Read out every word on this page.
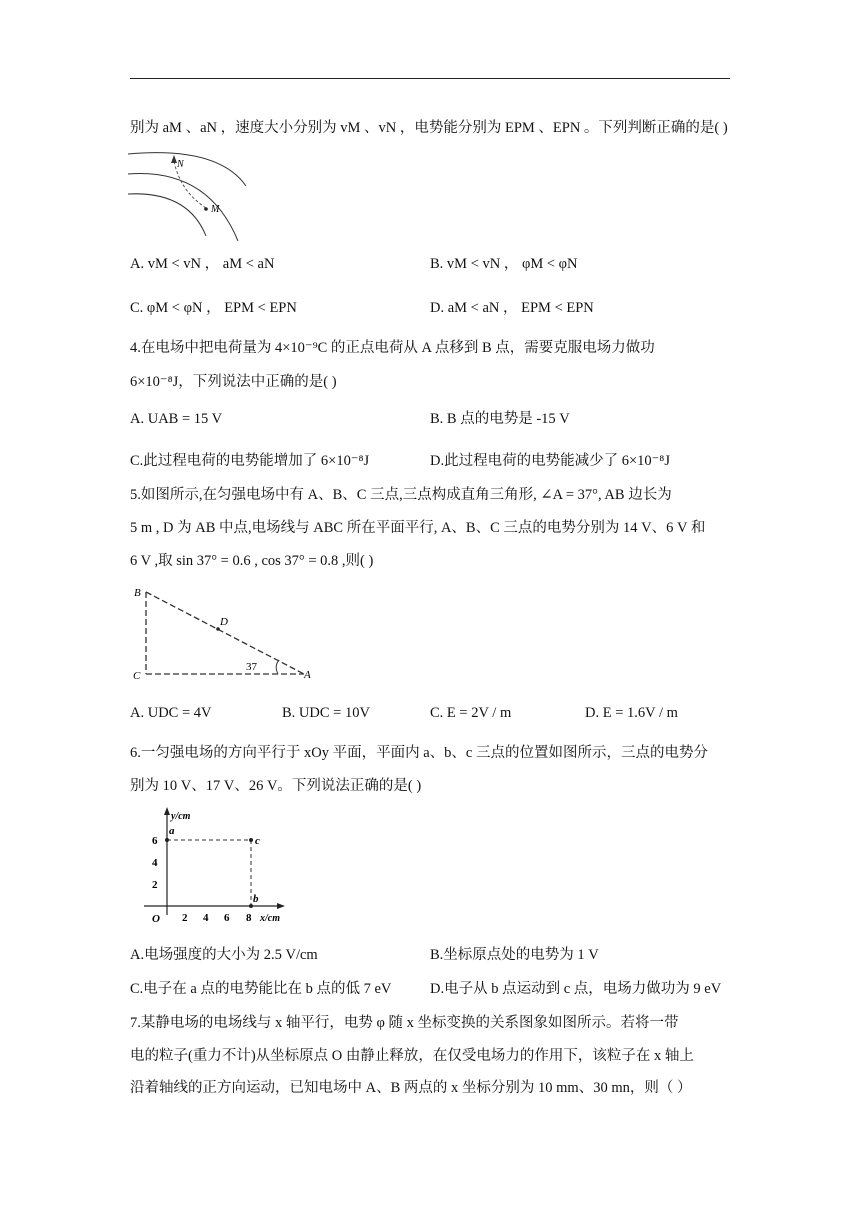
别为 aM 、aN ，速度大小分别为 vM 、vN ，电势能分别为 EPM 、EPN 。下列判断正确的是( )
N
M
A. vM < vN ， aM < aN	B. vM < vN ， φM < φN
C. φM < φN ， EPM < EPN	D. aM < aN ， EPM < EPN
4.在电场中把电荷量为 4×10⁻⁹C 的正点电荷从 A 点移到 B 点，需要克服电场力做功
6×10⁻⁸J，下列说法中正确的是( )
A. UAB = 15 V	B. B 点的电势是 -15 V
C.此过程电荷的电势能增加了 6×10⁻⁸J	D.此过程电荷的电势能减少了 6×10⁻⁸J
5.如图所示,在匀强电场中有 A、B、C 三点,三点构成直角三角形, ∠A = 37°, AB 边长为
5 m , D 为 AB 中点,电场线与 ABC 所在平面平行, A、B、C 三点的电势分别为 14 V、6 V 和
6 V ,取 sin 37° = 0.6 , cos 37° = 0.8 ,则( )
B
D
C	A
37
A. UDC = 4V	B. UDC = 10V	C. E = 2V / m	D. E = 1.6V / m
6.一匀强电场的方向平行于 xOy 平面，平面内 a、b、c 三点的位置如图所示，三点的电势分
别为 10 V、17 V、26 V。下列说法正确的是( )
y/cm
x/cm
O
6
4
2
2 4 6 8
a
c
b
A.电场强度的大小为 2.5 V/cm	B.坐标原点处的电势为 1 V
C.电子在 a 点的电势能比在 b 点的低 7 eV	D.电子从 b 点运动到 c 点，电场力做功为 9 eV
7.某静电场的电场线与 x 轴平行，电势 φ 随 x 坐标变换的关系图象如图所示。若将一带
电的粒子(重力不计)从坐标原点 O 由静止释放，在仅受电场力的作用下，该粒子在 x 轴上
沿着轴线的正方向运动，已知电场中 A、B 两点的 x 坐标分别为 10 mm、30 mn，则（ ）
